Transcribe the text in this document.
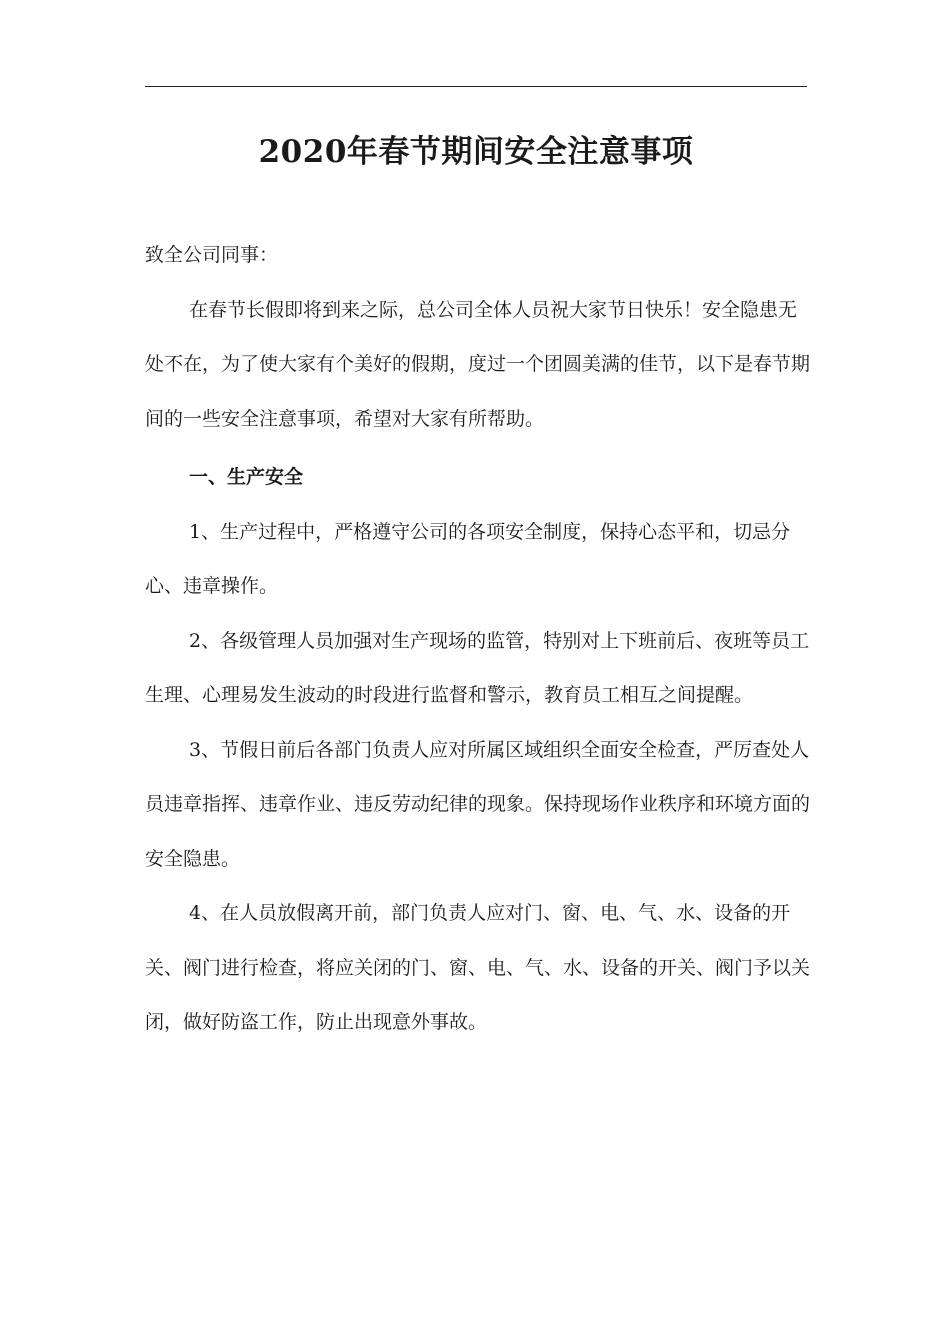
2020年春节期间安全注意事项

致全公司同事：

在春节长假即将到来之际，总公司全体人员祝大家节日快乐！安全隐患无处不在，为了使大家有个美好的假期，度过一个团圆美满的佳节，以下是春节期间的一些安全注意事项，希望对大家有所帮助。

一、生产安全

1、生产过程中，严格遵守公司的各项安全制度，保持心态平和，切忌分心、违章操作。

2、各级管理人员加强对生产现场的监管，特别对上下班前后、夜班等员工生理、心理易发生波动的时段进行监督和警示，教育员工相互之间提醒。

3、节假日前后各部门负责人应对所属区域组织全面安全检查，严厉查处人员违章指挥、违章作业、违反劳动纪律的现象。保持现场作业秩序和环境方面的安全隐患。

4、在人员放假离开前，部门负责人应对门、窗、电、气、水、设备的开关、阀门进行检查，将应关闭的门、窗、电、气、水、设备的开关、阀门予以关闭，做好防盗工作，防止出现意外事故。
